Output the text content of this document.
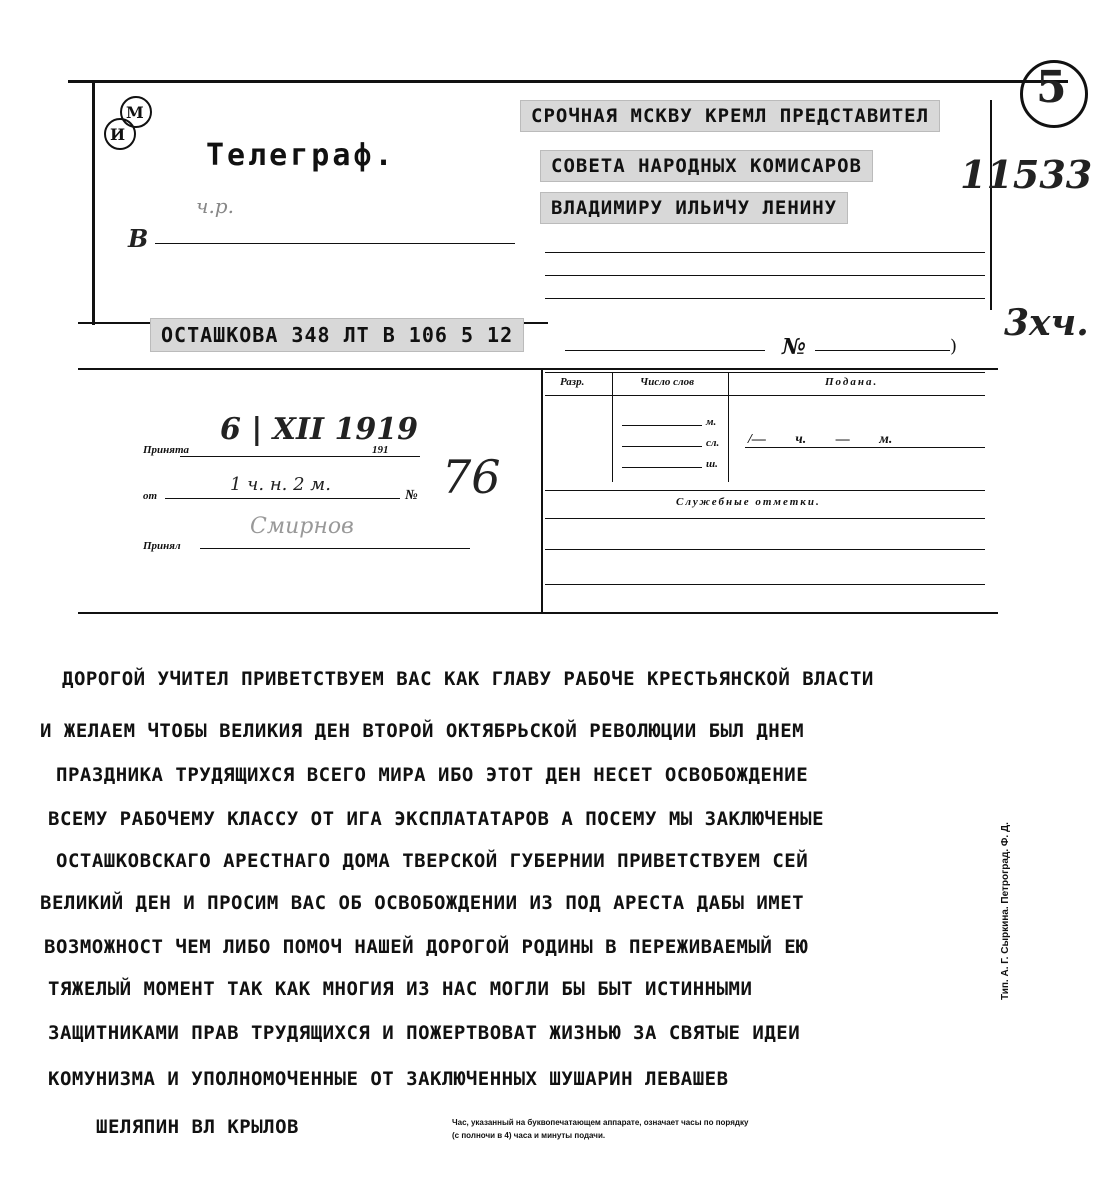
И
М
ИМ	Телеграф.
В
ч.р.
СРОЧНАЯ МСКВУ КРЕМЛ ПРЕДСТАВИТЕЛ
СОВЕТА НАРОДНЫХ КОМИСАРОВ
ВЛАДИМИРУ ИЛЬИЧУ ЛЕНИНУ
5
11533
3хч.
ОСТАШКОВА 348 ЛТ В 106 5 12	№	)
Принята
6 | XII 1919
191
от
1 ч. н. 2 м.
№ 76
Принял
Смирнов
Разр.	Число слов	Подана.
м.
сл.
ш.
/— ч. — м.
Служебные отметки.
ДОРОГОЙ УЧИТЕЛ ПРИВЕТСТВУЕМ ВАС КАК ГЛАВУ РАБОЧЕ КРЕСТЬЯНСКОЙ ВЛАСТИ
И ЖЕЛАЕМ ЧТОБЫ ВЕЛИКИЯ ДЕН ВТОРОЙ ОКТЯБРЬСКОЙ РЕВОЛЮЦИИ БЫЛ ДНЕМ
ПРАЗДНИКА ТРУДЯЩИХСЯ ВСЕГО МИРА ИБО ЭТОТ ДЕН НЕСЕТ ОСВОБОЖДЕНИЕ
ВСЕМУ РАБОЧЕМУ КЛАССУ ОТ ИГА ЭКСПЛАТАТАРОВ А ПОСЕМУ МЫ ЗАКЛЮЧЕНЫЕ
ОСТАШКОВСКАГО АРЕСТНАГО ДОМА ТВЕРСКОЙ ГУБЕРНИИ ПРИВЕТСТВУЕМ СЕЙ
ВЕЛИКИЙ ДЕН И ПРОСИМ ВАС ОБ ОСВОБОЖДЕНИИ ИЗ ПОД АРЕСТА ДАБЫ ИМЕТ
ВОЗМОЖНОСТ ЧЕМ ЛИБО ПОМОЧ НАШЕЙ ДОРОГОЙ РОДИНЫ В ПЕРЕЖИВАЕМЫЙ ЕЮ
ТЯЖЕЛЫЙ МОМЕНТ ТАК КАК МНОГИЯ ИЗ НАС МОГЛИ БЫ БЫТ ИСТИННЫМИ
ЗАЩИТНИКАМИ ПРАВ ТРУДЯЩИХСЯ И ПОЖЕРТВОВАТ ЖИЗНЬЮ ЗА СВЯТЫЕ ИДЕИ
КОМУНИЗМА И УПОЛНОМОЧЕННЫЕ ОТ ЗАКЛЮЧЕННЫХ ШУШАРИН ЛЕВАШЕВ
ШЕЛЯПИН ВЛ КРЫЛОВ	Час, указанный на буквопечатающем аппарате, означает часы по порядку
(с полночи в 4) часа и минуты подачи.
Тип. А. Г. Сыркина. Петроград. Ф. Д.
